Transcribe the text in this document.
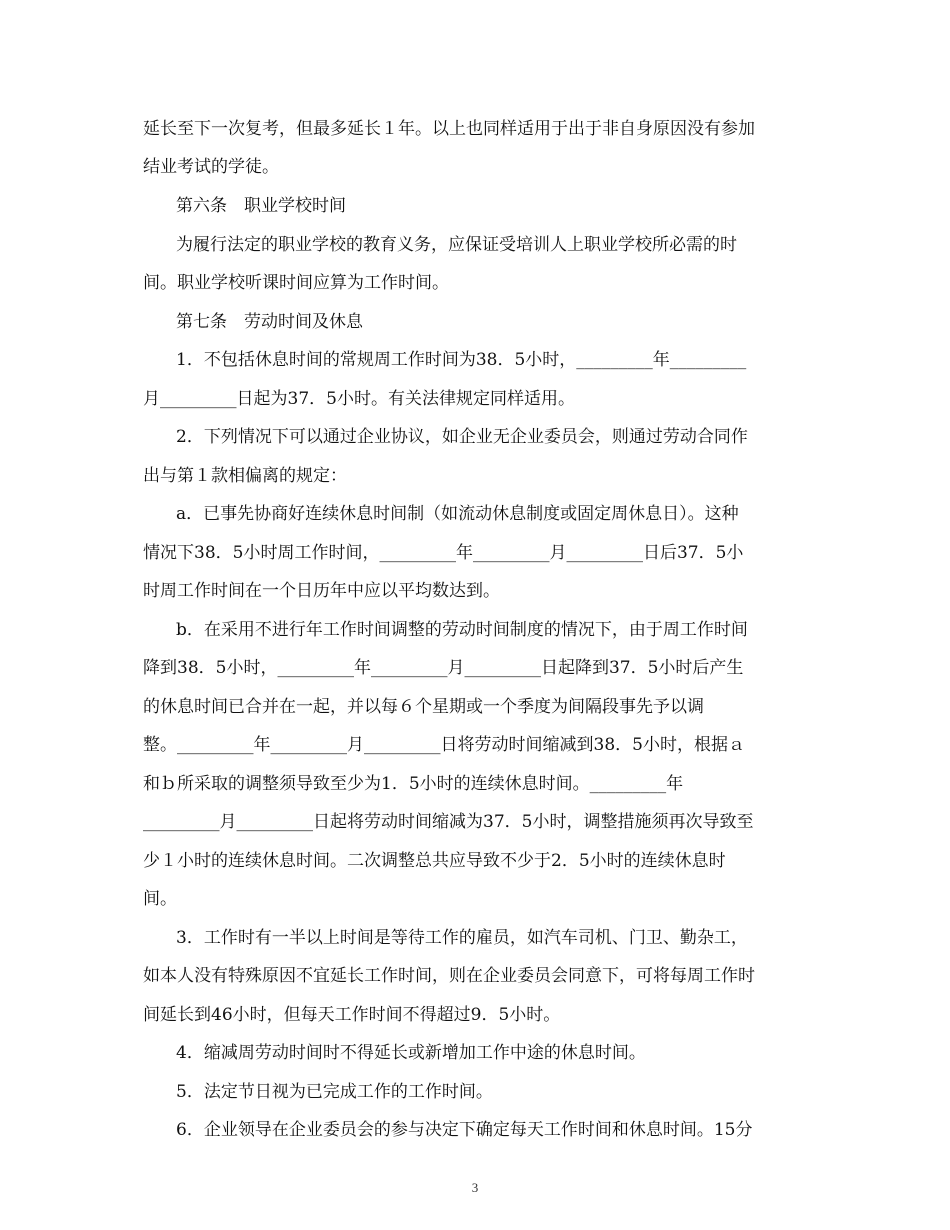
延长至下一次复考，但最多延长１年。以上也同样适用于出于非自身原因没有参加
结业考试的学徒。
第六条　职业学校时间
为履行法定的职业学校的教育义务，应保证受培训人上职业学校所必需的时
间。职业学校听课时间应算为工作时间。
第七条　劳动时间及休息
1．不包括休息时间的常规周工作时间为38．5小时，_________年_________
月_________日起为37．5小时。有关法律规定同样适用。
2．下列情况下可以通过企业协议，如企业无企业委员会，则通过劳动合同作
出与第１款相偏离的规定：
a．已事先协商好连续休息时间制（如流动休息制度或固定周休息日）。这种
情况下38．5小时周工作时间，_________年_________月_________日后37．5小
时周工作时间在一个日历年中应以平均数达到。
b．在采用不进行年工作时间调整的劳动时间制度的情况下，由于周工作时间
降到38．5小时，_________年_________月_________日起降到37．5小时后产生
的休息时间已合并在一起，并以每６个星期或一个季度为间隔段事先予以调
整。_________年_________月_________日将劳动时间缩减到38．5小时，根据ａ
和ｂ所采取的调整须导致至少为1．5小时的连续休息时间。_________年
_________月_________日起将劳动时间缩减为37．5小时，调整措施须再次导致至
少１小时的连续休息时间。二次调整总共应导致不少于2．5小时的连续休息时
间。
3．工作时有一半以上时间是等待工作的雇员，如汽车司机、门卫、勤杂工，
如本人没有特殊原因不宜延长工作时间，则在企业委员会同意下，可将每周工作时
间延长到46小时，但每天工作时间不得超过9．5小时。
4．缩减周劳动时间时不得延长或新增加工作中途的休息时间。
5．法定节日视为已完成工作的工作时间。
6．企业领导在企业委员会的参与决定下确定每天工作时间和休息时间。15分
3
